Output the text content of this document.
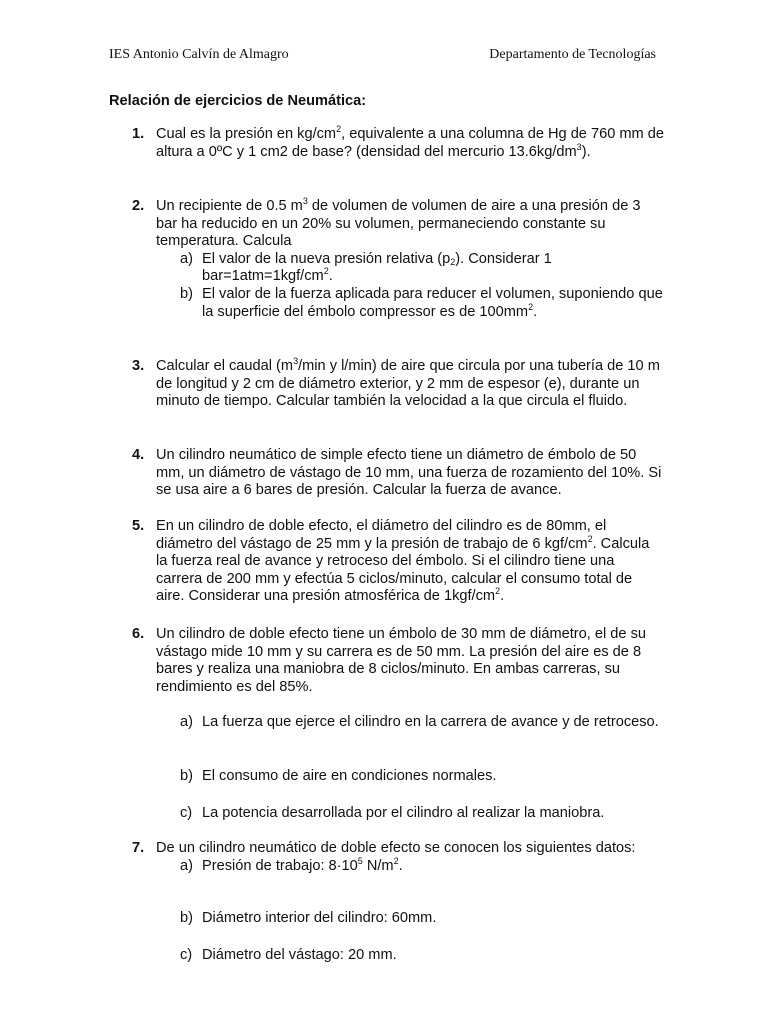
IES Antonio Calvín de Almagro	Departamento de Tecnologías
Relación de ejercicios de Neumática:
1. Cual es la presión en $kg/cm^2$, equivalente a una columna de Hg de 760 mm de altura a 0ºC y 1 cm2 de base? (densidad del mercurio $13.6kg/dm^3$).
2. Un recipiente de 0.5 $m^3$ de volumen de volumen de aire a una presión de 3 bar ha reducido en un 20% su volumen, permaneciendo constante su temperatura. Calcula
a) El valor de la nueva presión relativa $(p_2)$. Considerar 1 $bar=1atm=1kgf/cm^2$.
b) El valor de la fuerza aplicada para reducer el volumen, suponiendo que la superficie del émbolo compressor es de $100mm^2$.
3. Calcular el caudal ($m^3/\min$ y l/min) de aire que circula por una tubería de 10 m de longitud y 2 cm de diámetro exterior, y 2 mm de espesor (e), durante un minuto de tiempo. Calcular también la velocidad a la que circula el fluido.
4. Un cilindro neumático de simple efecto tiene un diámetro de émbolo de 50 mm, un diámetro de vástago de 10 mm, una fuerza de rozamiento del 10%. Si se usa aire a 6 bares de presión. Calcular la fuerza de avance.
5. En un cilindro de doble efecto, el diámetro del cilindro es de 80mm, el diámetro del vástago de 25 mm y la presión de trabajo de 6 kgf/$cm^2$. Calcula la fuerza real de avance y retroceso del émbolo. Si el cilindro tiene una carrera de 200 mm y efectúa 5 ciclos/minuto, calcular el consumo total de aire. Considerar una presión atmosférica de $1kgf/cm^2$.
6. Un cilindro de doble efecto tiene un émbolo de 30 mm de diámetro, el de su vástago mide 10 mm y su carrera es de 50 mm. La presión del aire es de 8 bares y realiza una maniobra de 8 ciclos/minuto. En ambas carreras, su rendimiento es del 85%.
a) La fuerza que ejerce el cilindro en la carrera de avance y de retroceso.
b) El consumo de aire en condiciones normales.
c) La potencia desarrollada por el cilindro al realizar la maniobra.
7. De un cilindro neumático de doble efecto se conocen los siguientes datos:
a) Presión de trabajo: $8\cdot 10^5$ $N/m^2$.
b) Diámetro interior del cilindro: 60mm.
c) Diámetro del vástago: 20 mm.
